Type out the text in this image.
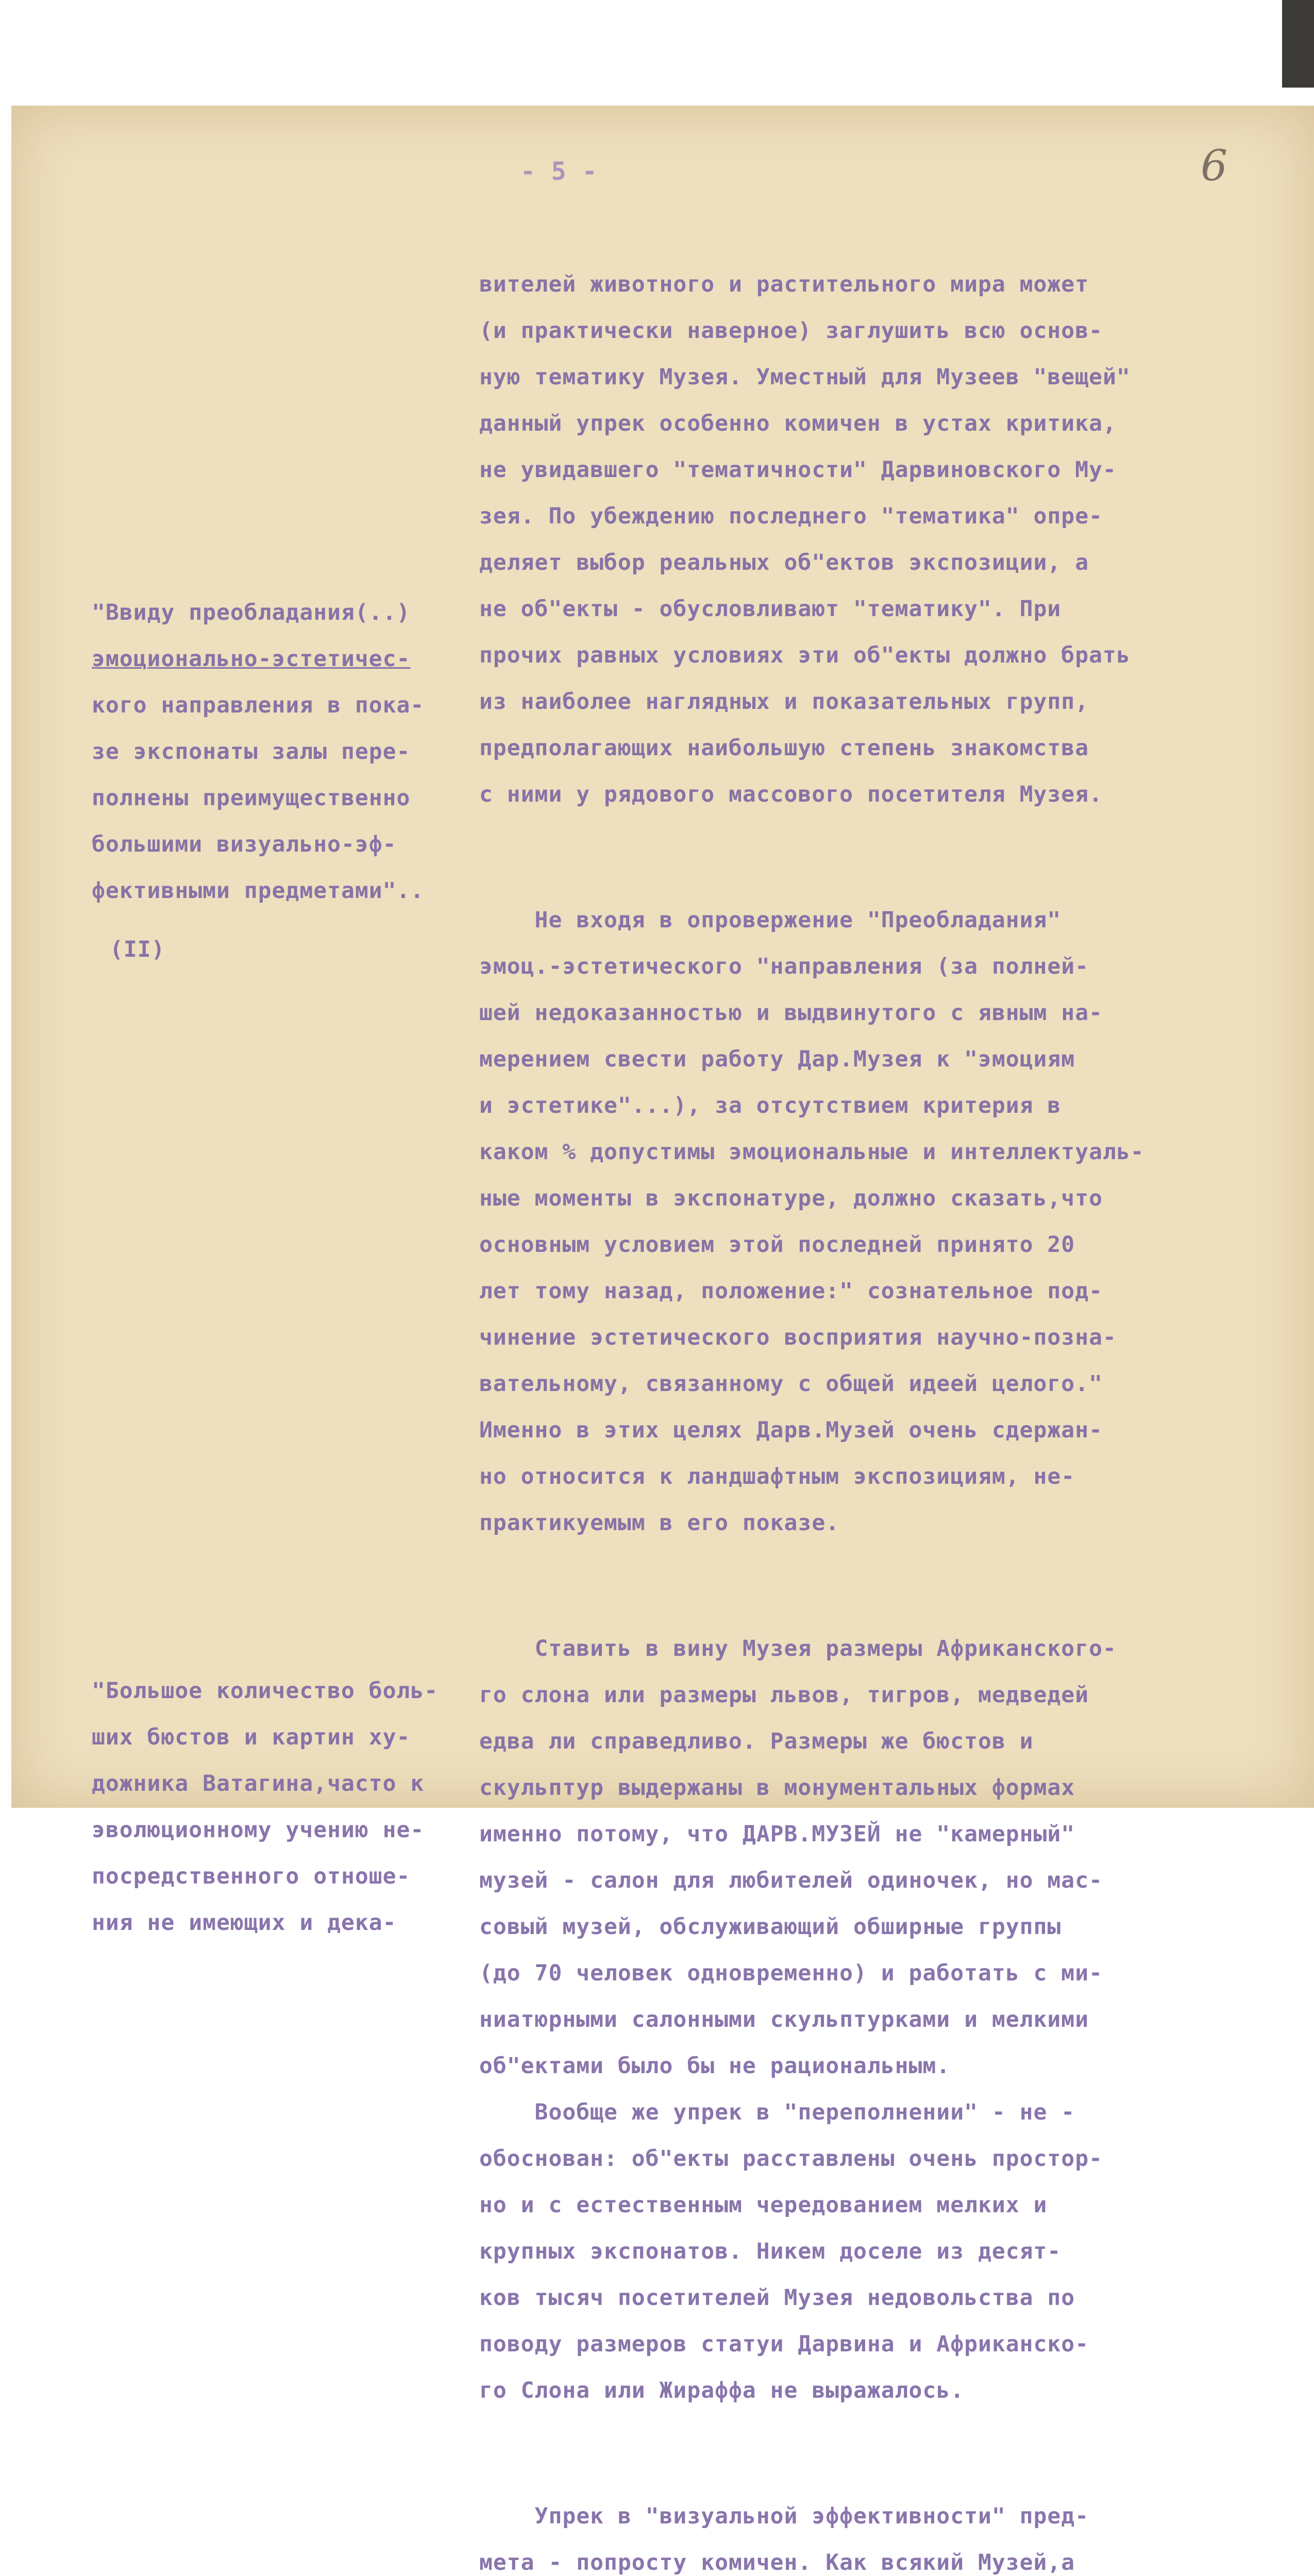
- 5 -	6

вителей животного и растительного мира может

(и практически наверное) заглушить всю основ-

ную тематику Музея. Уместный для Музеев "вещей"

данный упрек особенно комичен в устах критика,

не увидавшего "тематичности" Дарвиновского Му-

зея. По убеждению последнего "тематика" опре-

деляет выбор реальных об"ектов экспозиции, а

не об"екты - обусловливают "тематику". При

прочих равных условиях эти об"екты должно брать

из наиболее наглядных и показательных групп,

предполагающих наибольшую степень знакомства

с ними у рядового массового посетителя Музея.

Не входя в опровержение "Преобладания"

эмоц.-эстетического "направления (за полней-

шей недоказанностью и выдвинутого с явным на-

мерением свести работу Дар.Музея к "эмоциям

и эстетике"...), за отсутствием критерия в

каком % допустимы эмоциональные и интеллектуаль-

ные моменты в экспонатуре, должно сказать,что

основным условием этой последней принято 20

лет тому назад, положение:" сознательное под-

чинение эстетического восприятия научно-позна-

вательному, связанному с общей идеей целого."

Именно в этих целях Дарв.Музей очень сдержан-

но относится к ландшафтным экспозициям, не-

практикуемым в его показе.

Ставить в вину Музея размеры Африканского-

го слона или размеры львов, тигров, медведей

едва ли справедливо. Размеры же бюстов и

скульптур выдержаны в монументальных формах

именно потому, что ДАРВ.МУЗЕЙ не "камерный"

музей - салон для любителей одиночек, но мас-

совый музей, обслуживающий обширные группы

(до 70 человек одновременно) и работать с ми-

ниатюрными салонными скульптурками и мелкими

об"ектами было бы не рациональным.

Вообще же упрек в "переполнении" - не -

обоснован: об"екты расставлены очень простор-

но и с естественным чередованием мелких и

крупных экспонатов. Никем доселе из десят-

ков тысяч посетителей Музея недовольства по

поводу размеров статуи Дарвина и Африканско-

го Слона или Жираффа не выражалось.

Упрек в "визуальной эффективности" пред-

мета - попросту комичен. Как всякий Музей,а

"Ввиду преобладания(..)

эмоционально-эстетичес-

кого направления в пока-

зе экспонаты залы пере-

полнены преимущественно

большими визуально-эф-

фективными предметами"..

(II)

"Большое количество боль-

ших бюстов и картин ху-

дожника Ватагина,часто к

эволюционному учению не-

посредственного отноше-

ния не имеющих и дека-
